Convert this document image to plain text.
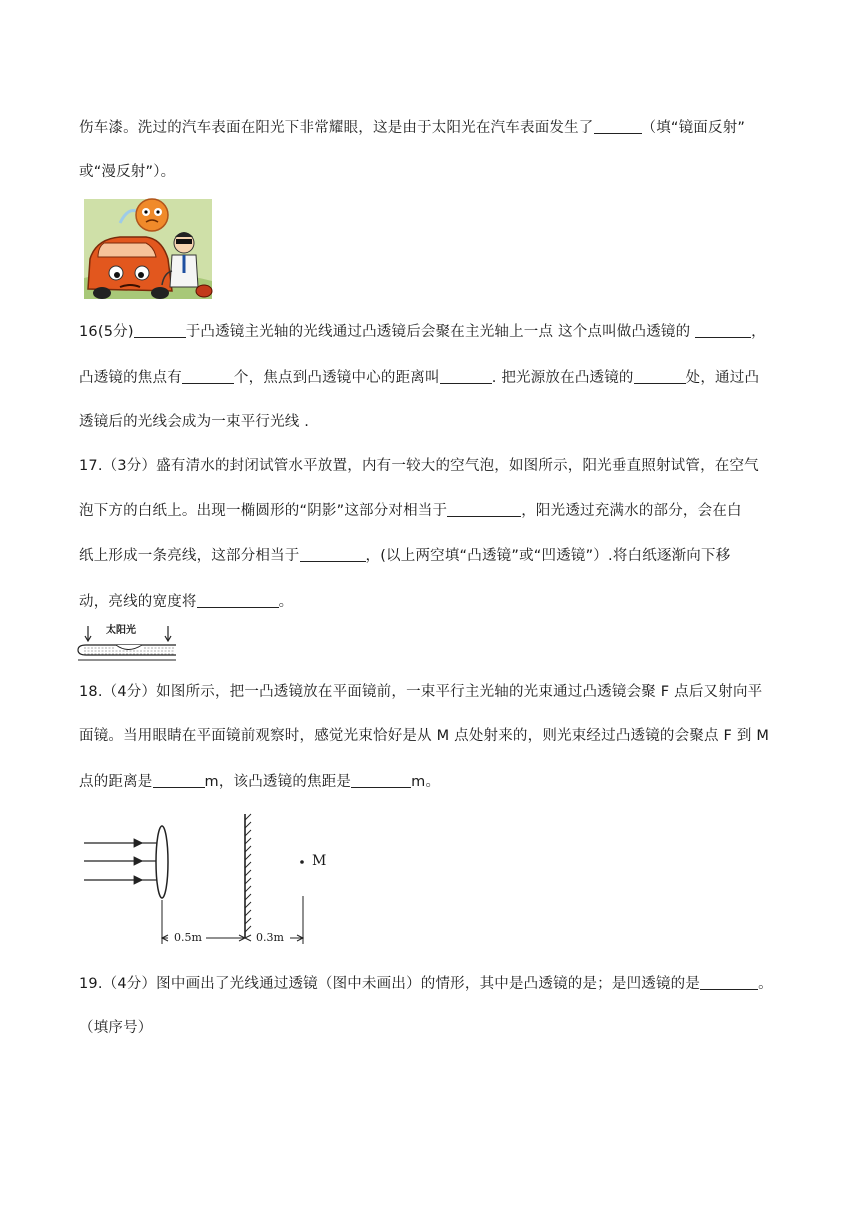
伤车漆。洗过的汽车表面在阳光下非常耀眼，这是由于太阳光在汽车表面发生了	（填“镜面反射”

或“漫反射”）。

16(5分)	于凸透镜主光轴的光线通过凸透镜后会聚在主光轴上一点 这个点叫做凸透镜的	，

凸透镜的焦点有	个，焦点到凸透镜中心的距离叫	. 把光源放在凸透镜的	处，通过凸

透镜后的光线会成为一束平行光线 .

17.（3分）盛有清水的封闭试管水平放置，内有一较大的空气泡，如图所示，阳光垂直照射试管，在空气

泡下方的白纸上。出现一椭圆形的“阴影”这部分对相当于	，阳光透过充满水的部分，会在白

纸上形成一条亮线，这部分相当于	，(以上两空填“凸透镜”或“凹透镜”）.将白纸逐渐向下移

动，亮线的宽度将	。

太阳光

18.（4分）如图所示，把一凸透镜放在平面镜前，一束平行主光轴的光束通过凸透镜会聚 F 点后又射向平

面镜。当用眼睛在平面镜前观察时，感觉光束恰好是从 M 点处射来的，则光束经过凸透镜的会聚点 F 到 M

点的距离是	m，该凸透镜的焦距是	m。

M
0.5m	0.3m

19.（4分）图中画出了光线通过透镜（图中未画出）的情形，其中是凸透镜的是；是凹透镜的是	。

（填序号）
